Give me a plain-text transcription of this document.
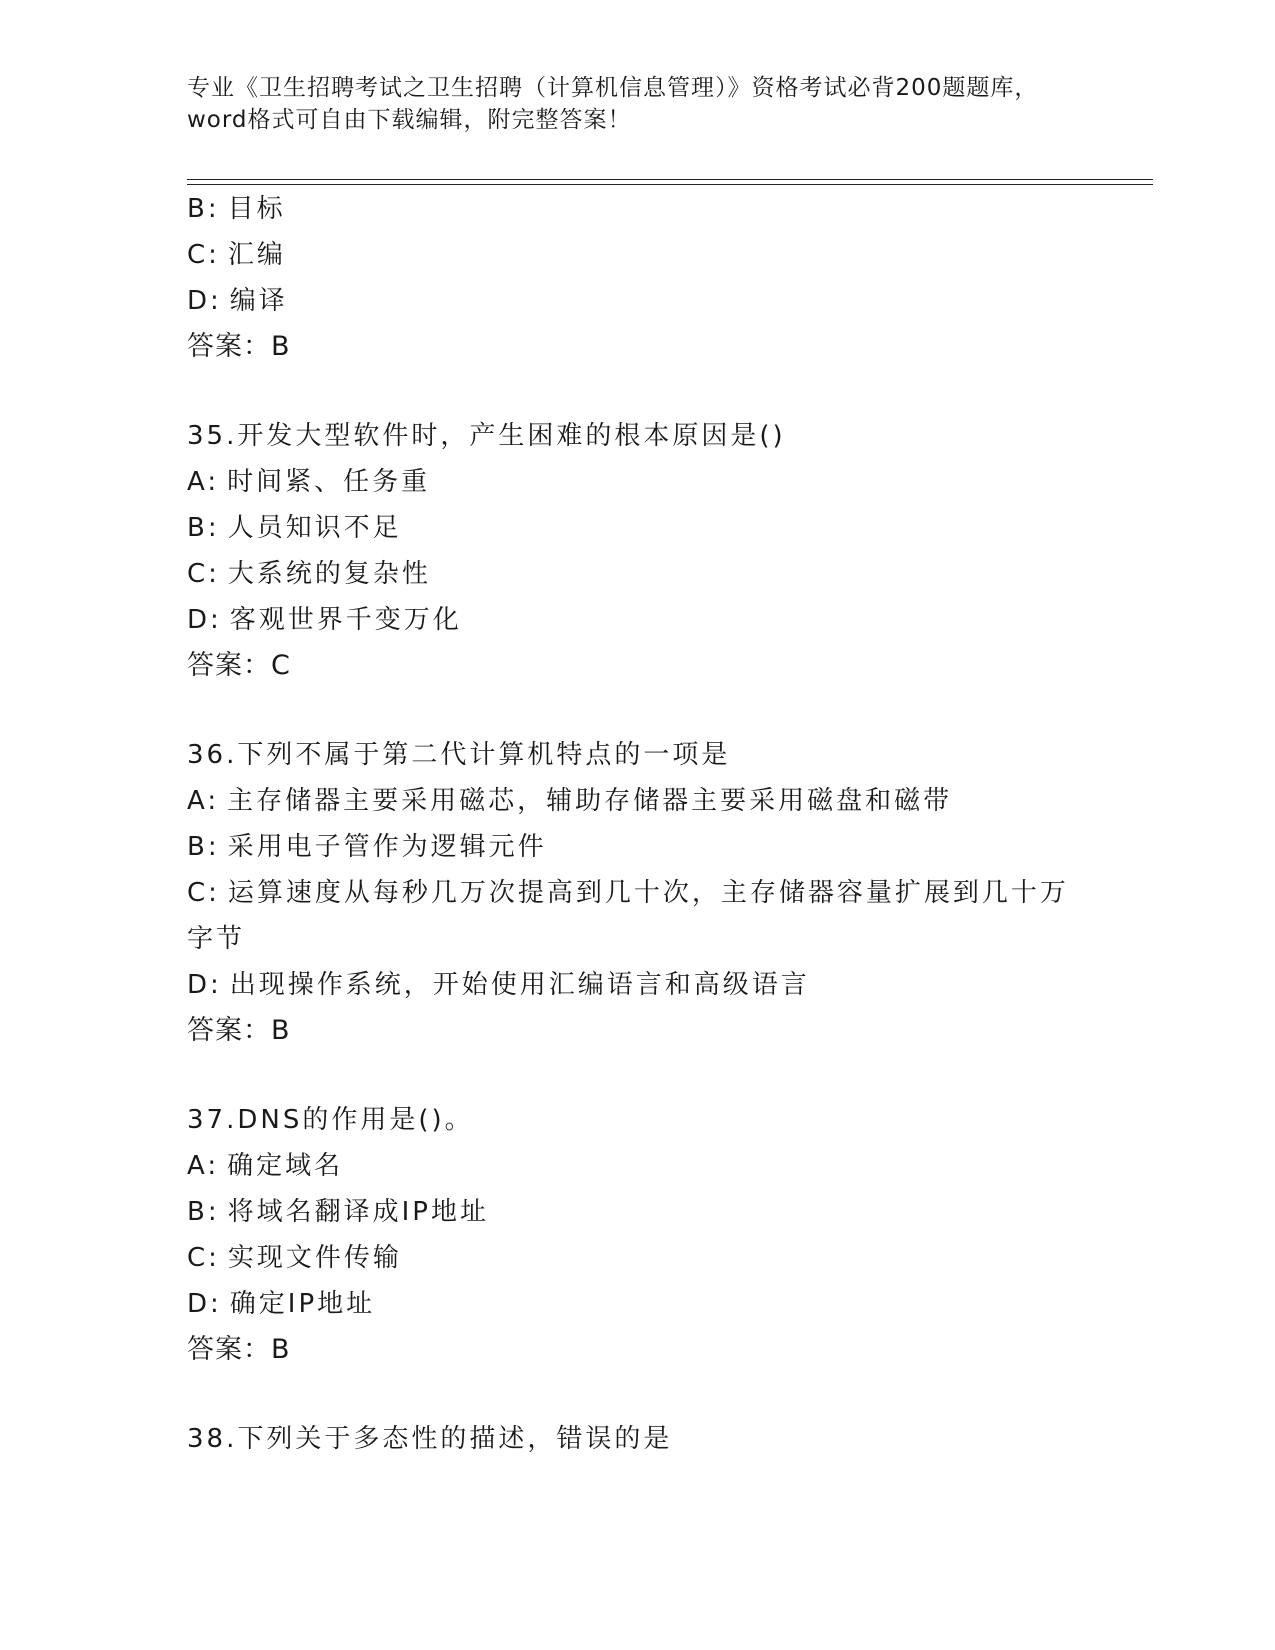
专业《卫生招聘考试之卫生招聘（计算机信息管理）》资格考试必背200题题库，
word格式可自由下载编辑，附完整答案！
B: 目标
C: 汇编
D: 编译
答案：B
35.开发大型软件时，产生困难的根本原因是()
A: 时间紧、任务重
B: 人员知识不足
C: 大系统的复杂性
D: 客观世界千变万化
答案：C
36.下列不属于第二代计算机特点的一项是
A: 主存储器主要采用磁芯，辅助存储器主要采用磁盘和磁带
B: 采用电子管作为逻辑元件
C: 运算速度从每秒几万次提高到几十次，主存储器容量扩展到几十万
字节
D: 出现操作系统，开始使用汇编语言和高级语言
答案：B
37.DNS的作用是()。
A: 确定域名
B: 将域名翻译成IP地址
C: 实现文件传输
D: 确定IP地址
答案：B
38.下列关于多态性的描述，错误的是
